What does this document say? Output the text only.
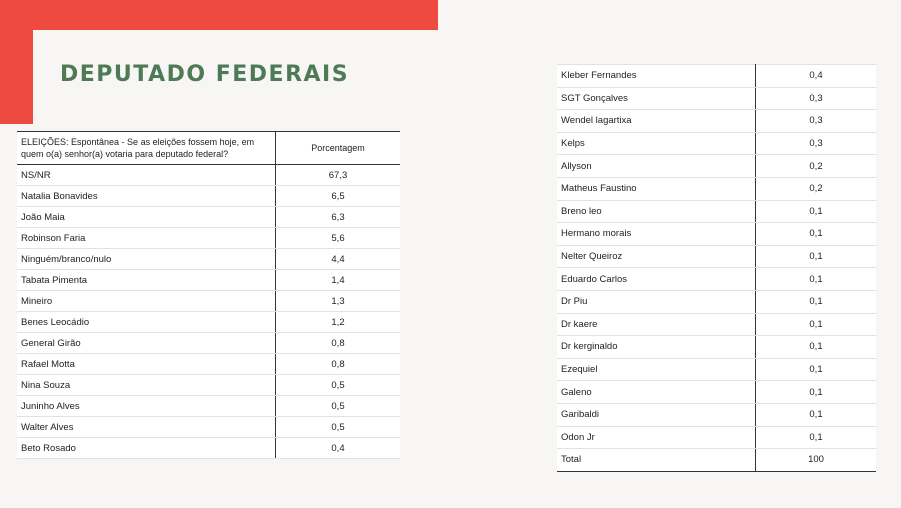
DEPUTADO FEDERAIS
ELEIÇÕES: Espontânea - Se as eleições fossem hoje, em quem o(a) senhor(a) votaria para deputado federal?	Porcentagem
NS/NR	67,3
Natalia Bonavides	6,5
João Maia	6,3
Robinson Faria	5,6
Ninguém/branco/nulo	4,4
Tabata Pimenta	1,4
Mineiro	1,3
Benes Leocádio	1,2
General Girão	0,8
Rafael Motta	0,8
Nina Souza	0,5
Juninho Alves	0,5
Walter Alves	0,5
Beto Rosado	0,4
Kleber Fernandes	0,4
SGT Gonçalves	0,3
Wendel lagartixa	0,3
Kelps	0,3
Allyson	0,2
Matheus Faustino	0,2
Breno leo	0,1
Hermano morais	0,1
Nelter Queiroz	0,1
Eduardo Carlos	0,1
Dr Piu	0,1
Dr kaere	0,1
Dr kerginaldo	0,1
Ezequiel	0,1
Galeno	0,1
Garibaldi	0,1
Odon Jr	0,1
Total	100
